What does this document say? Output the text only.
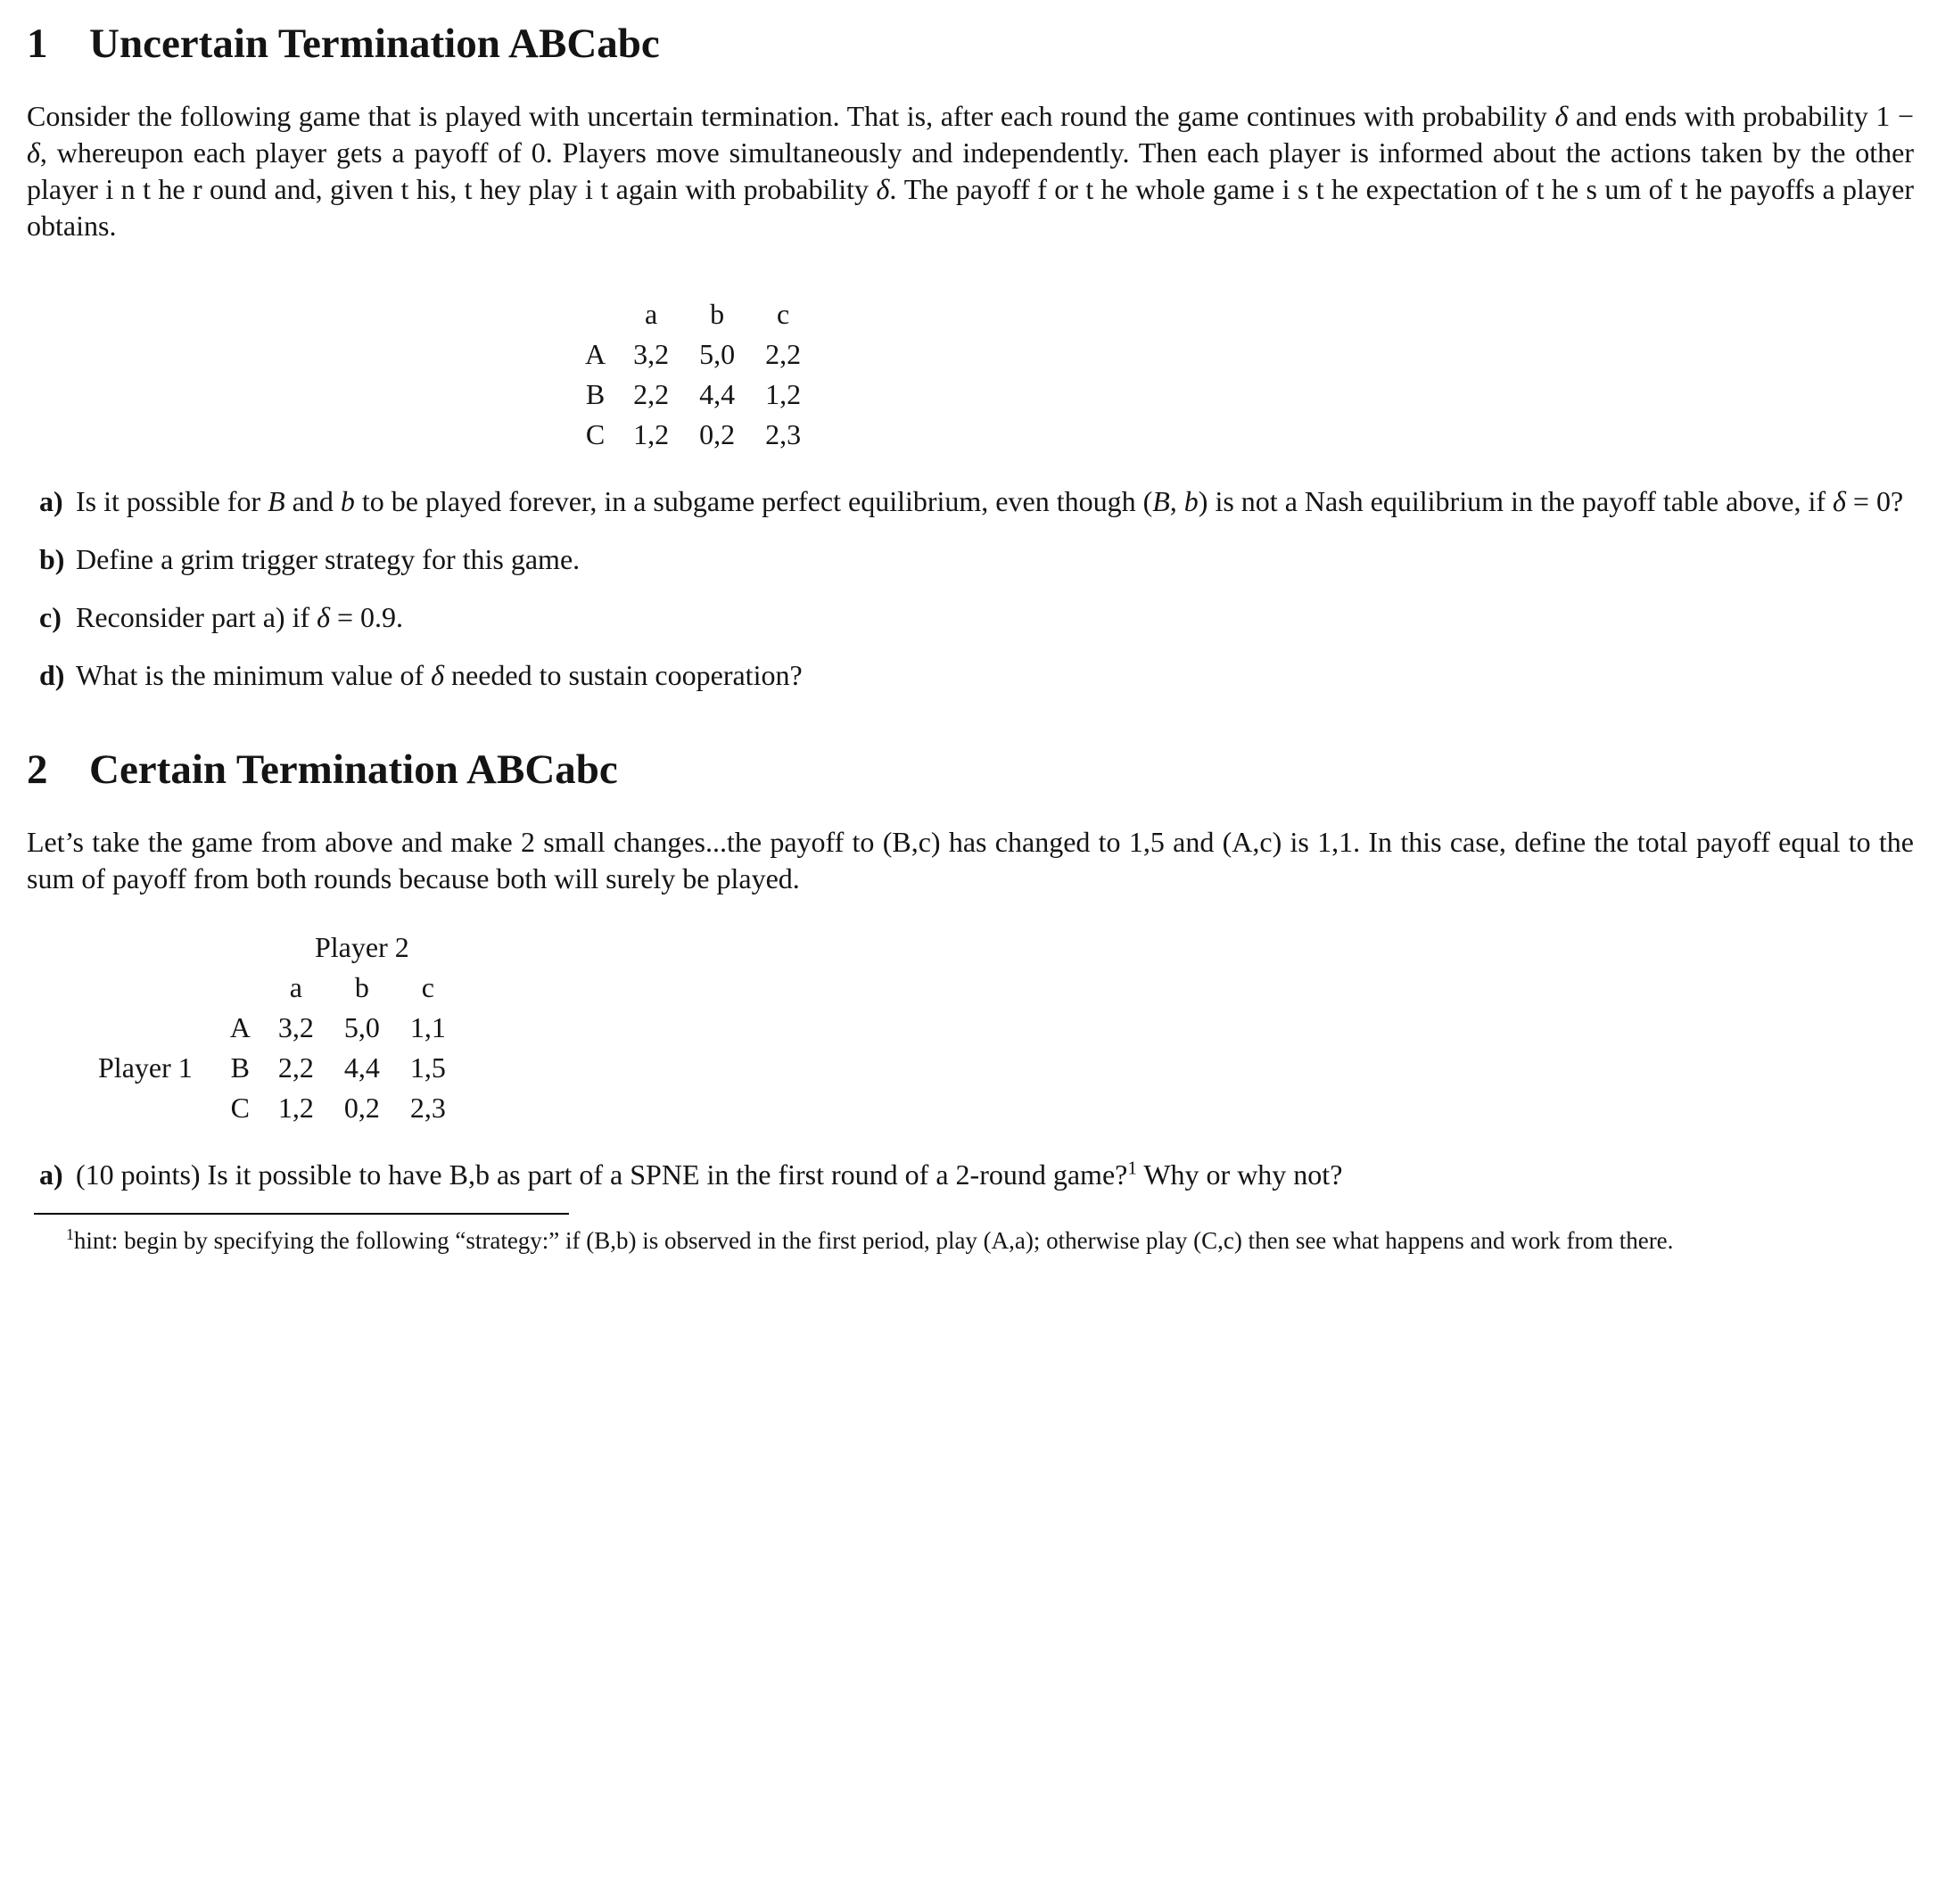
1 Uncertain Termination ABCabc

Consider the following game that is played with uncertain termination. That is, after each round the game continues with probability δ and ends with probability 1 − δ, whereupon each player gets a payoff of 0. Players move simultaneously and independently. Then each player is informed about the actions taken by the other player i n t he r ound and, given t his, t hey play i t again with probability δ. The payoff f or t he whole game i s t he expectation of t he s um of t he payoffs a player obtains.

	a	b	c
A	3,2	5,0	2,2
B	2,2	4,4	1,2
C	1,2	0,2	2,3
a) Is it possible for B and b to be played forever, in a subgame perfect equilibrium, even though (B, b) is not a Nash equilibrium in the payoff table above, if δ = 0?
b) Define a grim trigger strategy for this game.
c) Reconsider part a) if δ = 0.9.
d) What is the minimum value of δ needed to sustain cooperation?
2 Certain Termination ABCabc

Let’s take the game from above and make 2 small changes...the payoff to (B,c) has changed to 1,5 and (A,c) is 1,1. In this case, define the total payoff equal to the sum of payoff from both rounds because both will surely be played.

		Player 2		
		a	b	c
	A	3,2	5,0	1,1
Player 1	B	2,2	4,4	1,5
	C	1,2	0,2	2,3
a) (10 points) Is it possible to have B,b as part of a SPNE in the first round of a 2-round game?$^1$ Why or why not?

$^1$hint: begin by specifying the following “strategy:” if (B,b) is observed in the first period, play (A,a); otherwise play (C,c) then see what happens and work from there.
